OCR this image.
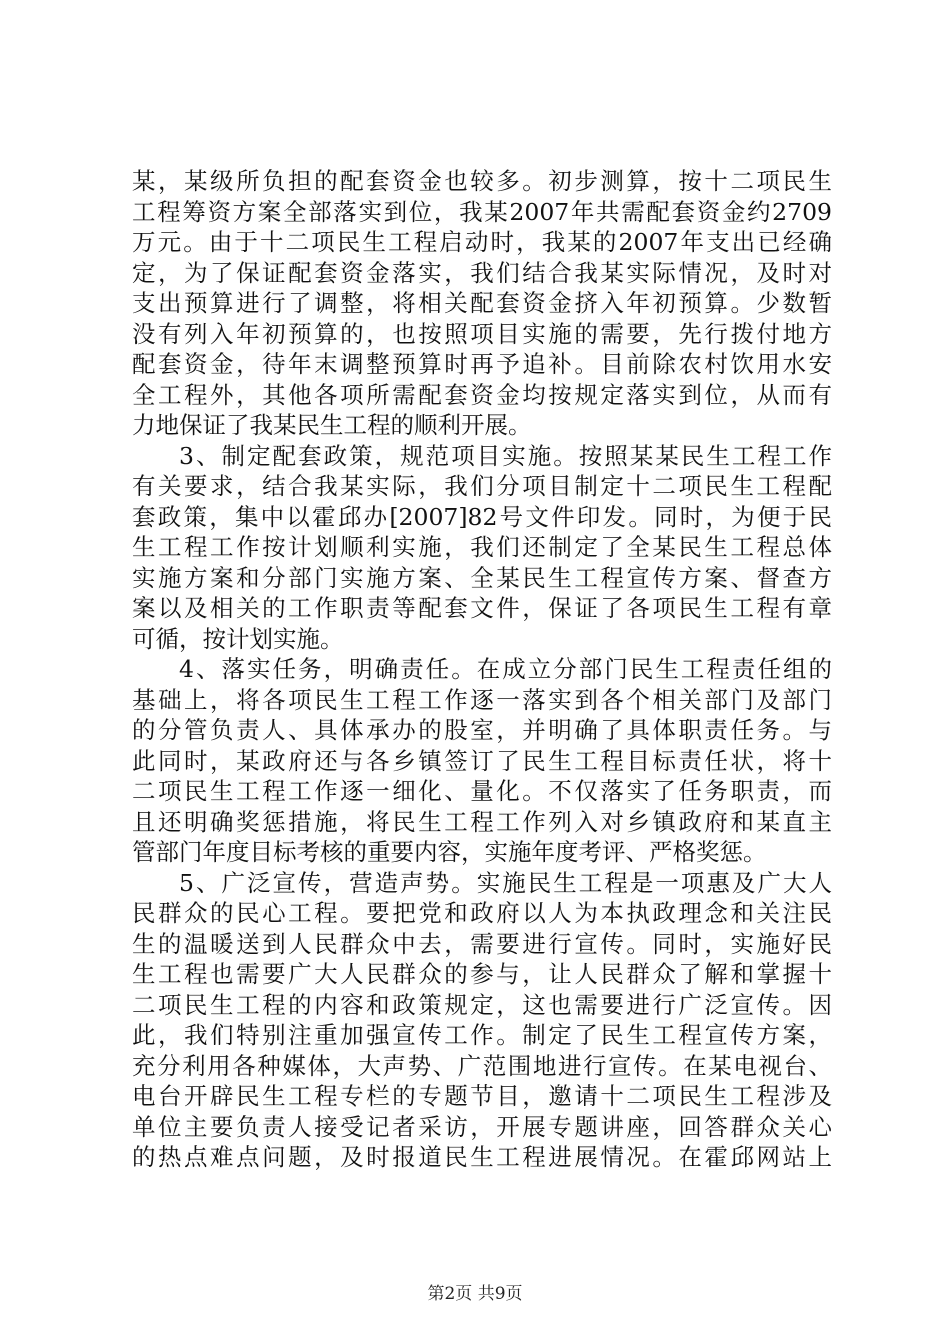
某，某级所负担的配套资金也较多。初步测算，按十二项民生
工程筹资方案全部落实到位，我某2007年共需配套资金约2709
万元。由于十二项民生工程启动时，我某的2007年支出已经确
定，为了保证配套资金落实，我们结合我某实际情况，及时对
支出预算进行了调整，将相关配套资金挤入年初预算。少数暂
没有列入年初预算的，也按照项目实施的需要，先行拨付地方
配套资金，待年末调整预算时再予追补。目前除农村饮用水安
全工程外，其他各项所需配套资金均按规定落实到位，从而有
力地保证了我某民生工程的顺利开展。
3、制定配套政策，规范项目实施。按照某某民生工程工作
有关要求，结合我某实际，我们分项目制定十二项民生工程配
套政策，集中以霍邱办[2007]82号文件印发。同时，为便于民
生工程工作按计划顺利实施，我们还制定了全某民生工程总体
实施方案和分部门实施方案、全某民生工程宣传方案、督查方
案以及相关的工作职责等配套文件，保证了各项民生工程有章
可循，按计划实施。
4、落实任务，明确责任。在成立分部门民生工程责任组的
基础上，将各项民生工程工作逐一落实到各个相关部门及部门
的分管负责人、具体承办的股室，并明确了具体职责任务。与
此同时，某政府还与各乡镇签订了民生工程目标责任状，将十
二项民生工程工作逐一细化、量化。不仅落实了任务职责，而
且还明确奖惩措施，将民生工程工作列入对乡镇政府和某直主
管部门年度目标考核的重要内容，实施年度考评、严格奖惩。
5、广泛宣传，营造声势。实施民生工程是一项惠及广大人
民群众的民心工程。要把党和政府以人为本执政理念和关注民
生的温暖送到人民群众中去，需要进行宣传。同时，实施好民
生工程也需要广大人民群众的参与，让人民群众了解和掌握十
二项民生工程的内容和政策规定，这也需要进行广泛宣传。因
此，我们特别注重加强宣传工作。制定了民生工程宣传方案，
充分利用各种媒体，大声势、广范围地进行宣传。在某电视台、
电台开辟民生工程专栏的专题节目，邀请十二项民生工程涉及
单位主要负责人接受记者采访，开展专题讲座，回答群众关心
的热点难点问题，及时报道民生工程进展情况。在霍邱网站上
第2页 共9页
